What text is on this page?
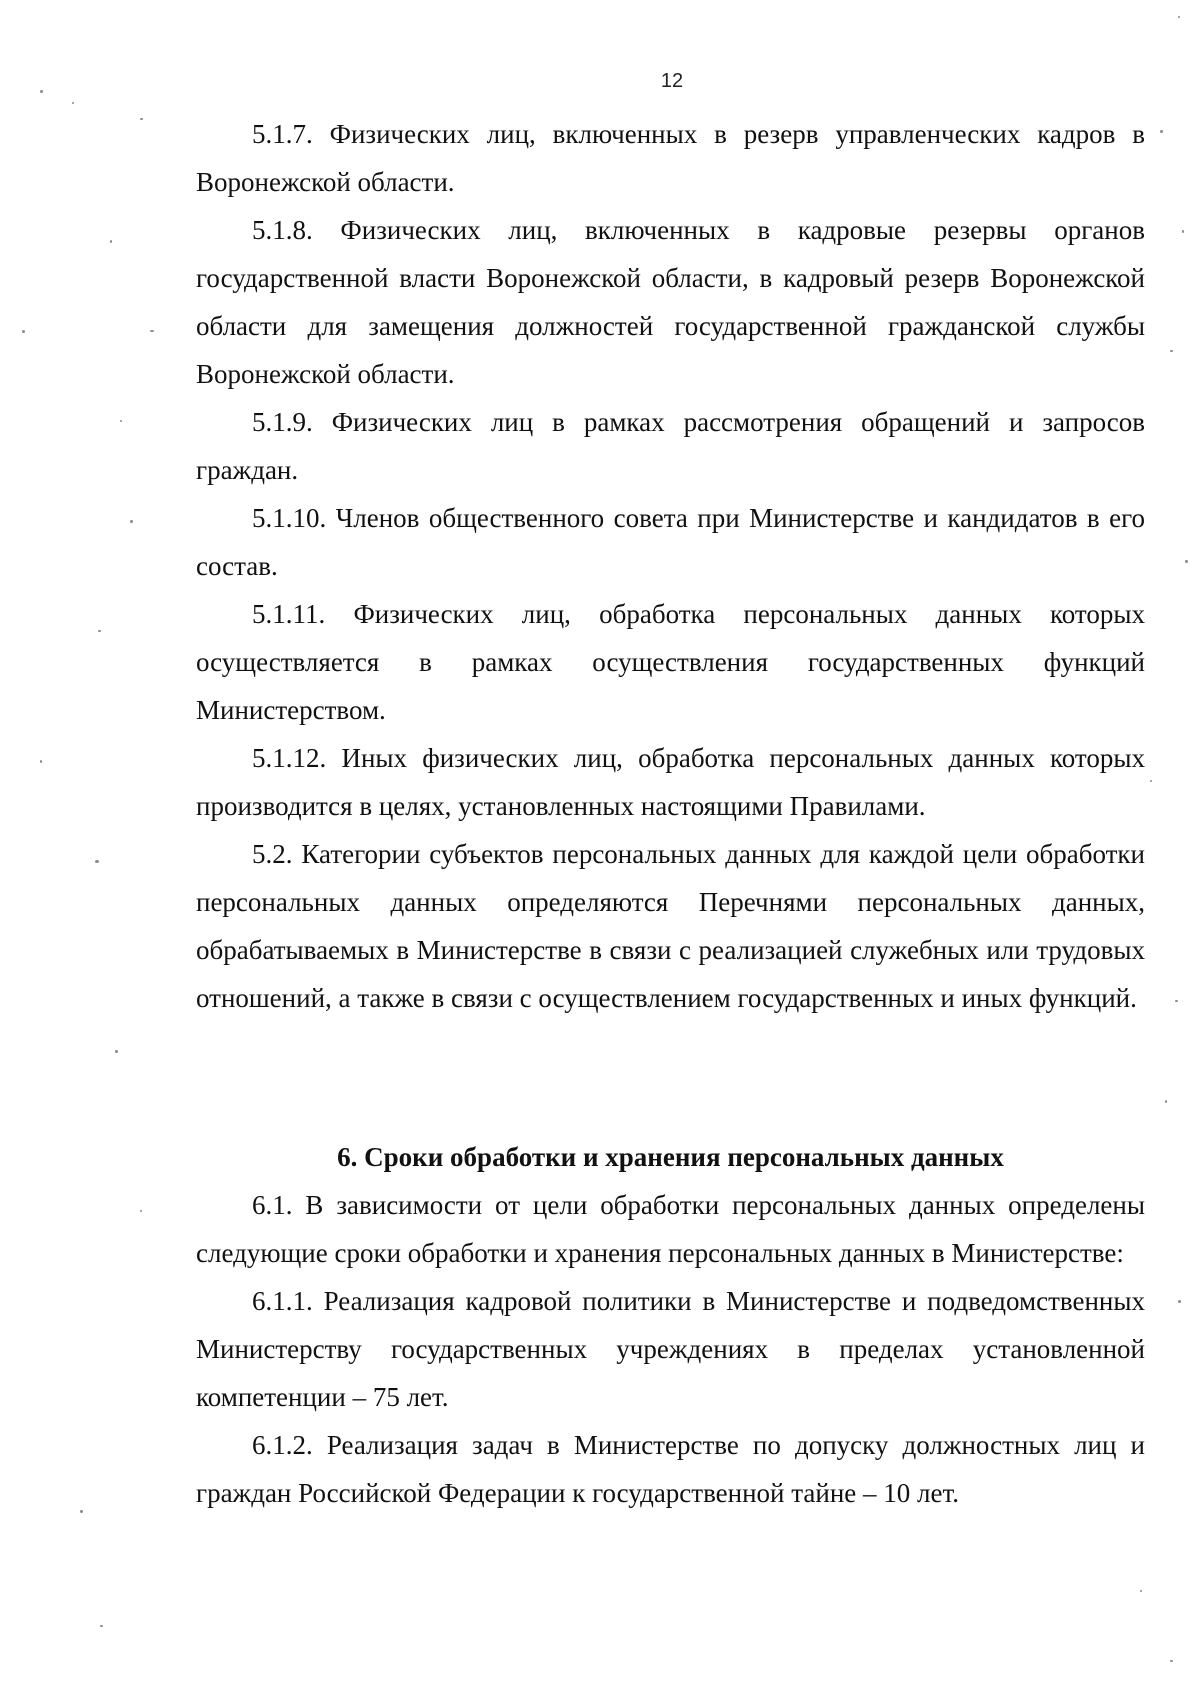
12

5.1.7. Физических лиц, включенных в резерв управленческих кадров в Воронежской области.

5.1.8. Физических лиц, включенных в кадровые резервы органов государственной власти Воронежской области, в кадровый резерв Воронежской области для замещения должностей государственной гражданской службы Воронежской области.

5.1.9. Физических лиц в рамках рассмотрения обращений и запросов граждан.

5.1.10. Членов общественного совета при Министерстве и кандидатов в его состав.

5.1.11. Физических лиц, обработка персональных данных которых осуществляется в рамках осуществления государственных функций Министерством.

5.1.12. Иных физических лиц, обработка персональных данных которых производится в целях, установленных настоящими Правилами.

5.2. Категории субъектов персональных данных для каждой цели обработки персональных данных определяются Перечнями персональных данных, обрабатываемых в Министерстве в связи с реализацией служебных или трудовых отношений, а также в связи с осуществлением государственных и иных функций.

6. Сроки обработки и хранения персональных данных

6.1. В зависимости от цели обработки персональных данных определены следующие сроки обработки и хранения персональных данных в Министерстве:

6.1.1. Реализация кадровой политики в Министерстве и подведомственных Министерству государственных учреждениях в пределах установленной компетенции – 75 лет.

6.1.2. Реализация задач в Министерстве по допуску должностных лиц и граждан Российской Федерации к государственной тайне – 10 лет.
